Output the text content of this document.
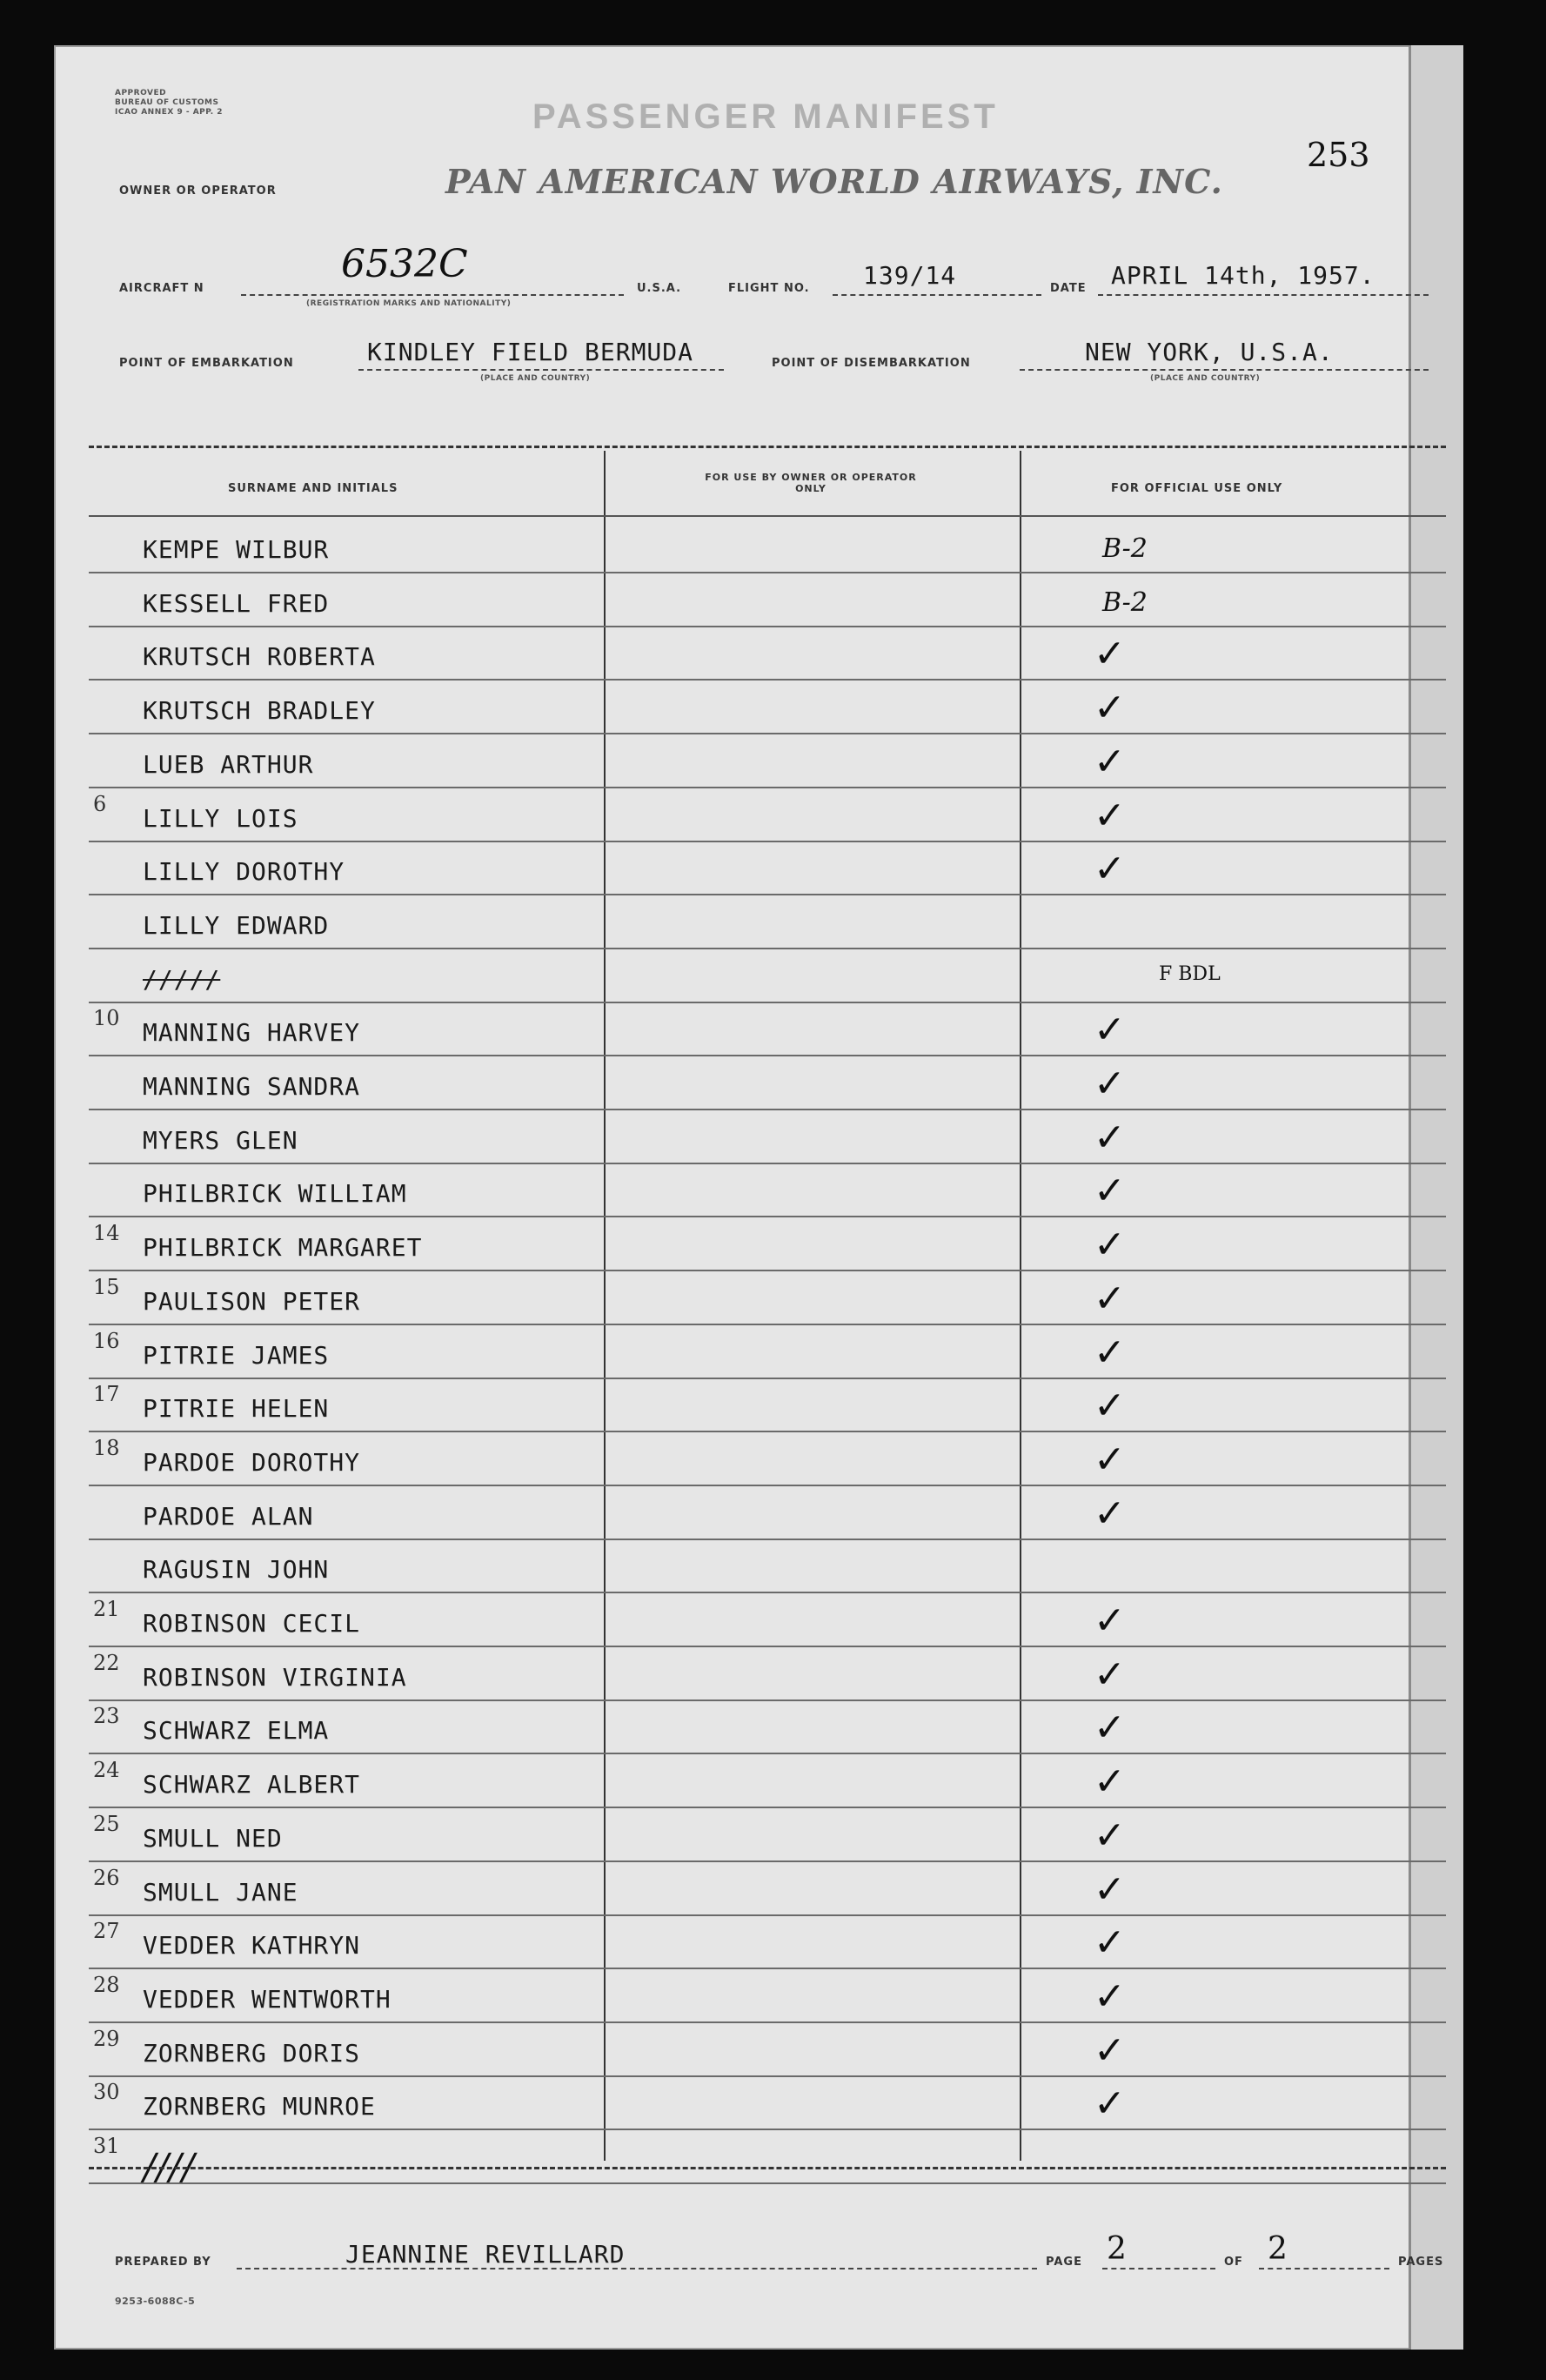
APPROVED
BUREAU OF CUSTOMS
ICAO ANNEX 9 - APP. 2	PASSENGER MANIFEST
253
OWNER OR OPERATOR	PAN AMERICAN WORLD AIRWAYS, INC.
AIRCRAFT N
6532C
(REGISTRATION MARKS AND NATIONALITY)
U.S.A.	FLIGHT NO. 139/14	DATE APRIL 14th, 1957.
POINT OF EMBARKATION	KINDLEY FIELD BERMUDA
(PLACE AND COUNTRY)
POINT OF DISEMBARKATION	NEW YORK, U.S.A.
(PLACE AND COUNTRY)
SURNAME AND INITIALS
FOR USE BY OWNER OR OPERATOR ONLY	FOR OFFICIAL USE ONLY
KEMPE WILBUR	B-2
KESSELL FRED	B-2
KRUTSCH ROBERTA	✓
KRUTSCH BRADLEY	✓
LUEB ARTHUR	✓
6 LILLY LOIS	✓
LILLY DOROTHY	✓
LILLY EDWARD
/////	F BDL
10 MANNING HARVEY	✓
MANNING SANDRA	✓
MYERS GLEN	✓
PHILBRICK WILLIAM	✓
14 PHILBRICK MARGARET	✓
15 PAULISON PETER	✓
16 PITRIE JAMES	✓
17 PITRIE HELEN	✓
18 PARDOE DOROTHY	✓
PARDOE ALAN	✓
RAGUSIN JOHN
21 ROBINSON CECIL	✓
22 ROBINSON VIRGINIA	✓
23 SCHWARZ ELMA	✓
24 SCHWARZ ALBERT	✓
25 SMULL NED	✓
26 SMULL JANE	✓
27 VEDDER KATHRYN	✓
28 VEDDER WENTWORTH	✓
29 ZORNBERG DORIS	✓
30 ZORNBERG MUNROE	✓
31 ////
PREPARED BY	JEANNINE REVILLARD	PAGE 2	OF 2	PAGES
9253-6088C-5
